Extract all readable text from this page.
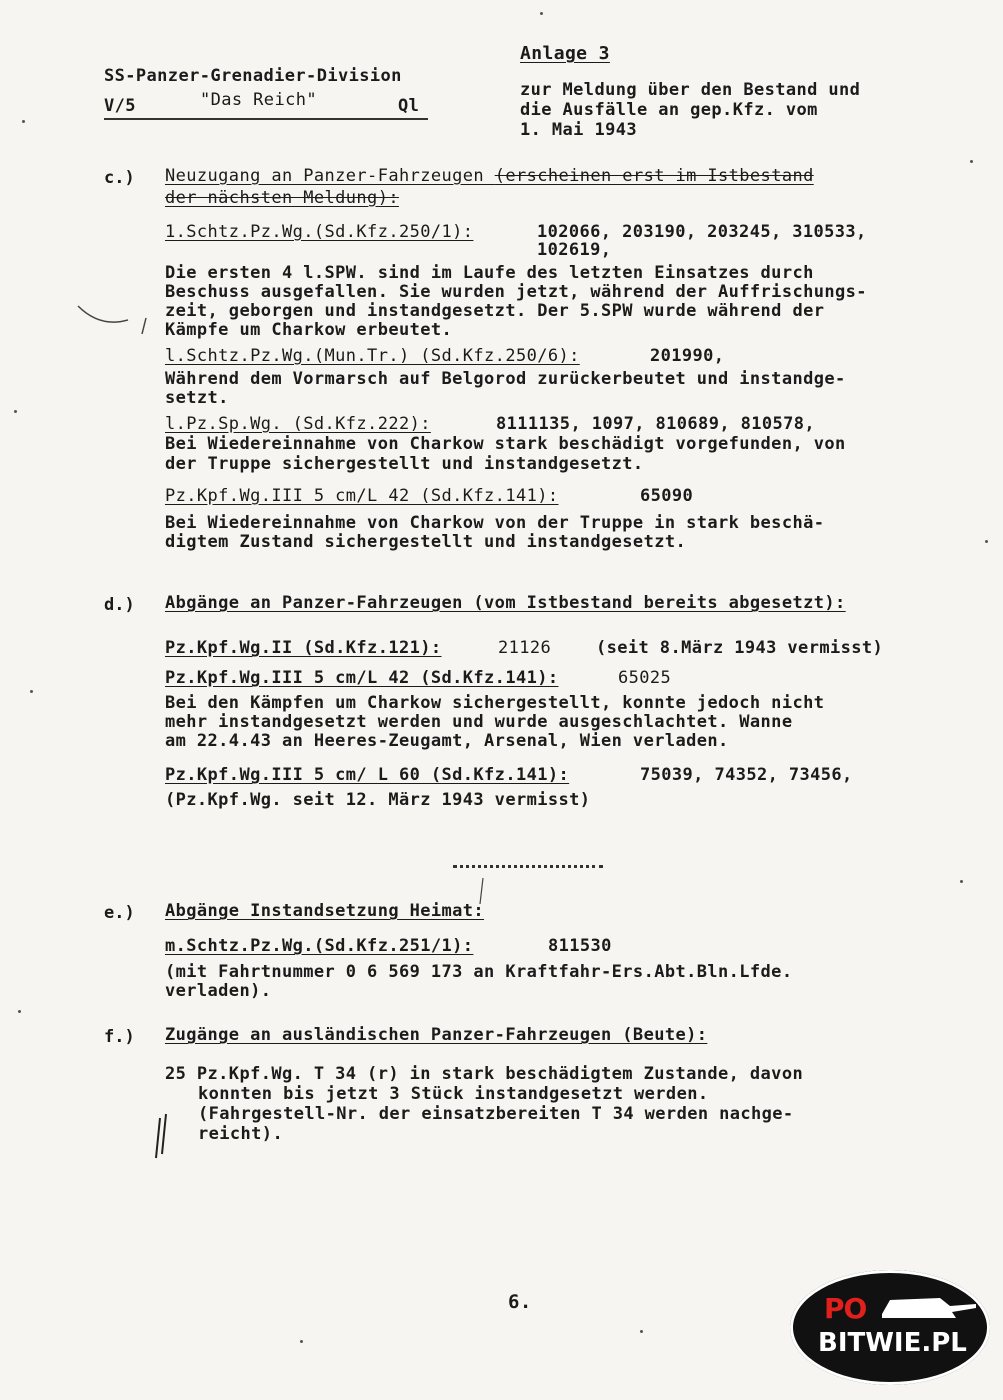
SS-Panzer-Grenadier-Division
V/5	"Das Reich"	Ql
Anlage 3
zur Meldung über den Bestand und
die Ausfälle an gep.Kfz. vom
1. Mai 1943
c.) Neuzugang an Panzer-Fahrzeugen (erscheinen erst im Istbestand
der nächsten Meldung):
1.Schtz.Pz.Wg.(Sd.Kfz.250/1):	102066, 203190, 203245, 310533,
102619,
Die ersten 4 l.SPW. sind im Laufe des letzten Einsatzes durch
Beschuss ausgefallen. Sie wurden jetzt, während der Auffrischungs-
zeit, geborgen und instandgesetzt. Der 5.SPW wurde während der
Kämpfe um Charkow erbeutet.
l.Schtz.Pz.Wg.(Mun.Tr.) (Sd.Kfz.250/6):	201990,
Während dem Vormarsch auf Belgorod zurückerbeutet und instandge-
setzt.
l.Pz.Sp.Wg. (Sd.Kfz.222):	8111135, 1097, 810689, 810578,
Bei Wiedereinnahme von Charkow stark beschädigt vorgefunden, von
der Truppe sichergestellt und instandgesetzt.
Pz.Kpf.Wg.III 5 cm/L 42 (Sd.Kfz.141):	65090
Bei Wiedereinnahme von Charkow von der Truppe in stark beschä-
digtem Zustand sichergestellt und instandgesetzt.
d.) Abgänge an Panzer-Fahrzeugen (vom Istbestand bereits abgesetzt):
Pz.Kpf.Wg.II (Sd.Kfz.121):	21126	(seit 8.März 1943 vermisst)
Pz.Kpf.Wg.III 5 cm/L 42 (Sd.Kfz.141):	65025
Bei den Kämpfen um Charkow sichergestellt, konnte jedoch nicht
mehr instandgesetzt werden und wurde ausgeschlachtet. Wanne
am 22.4.43 an Heeres-Zeugamt, Arsenal, Wien verladen.
Pz.Kpf.Wg.III 5 cm/ L 60 (Sd.Kfz.141):	75039, 74352, 73456,
(Pz.Kpf.Wg. seit 12. März 1943 vermisst)
e.) Abgänge Instandsetzung Heimat:
m.Schtz.Pz.Wg.(Sd.Kfz.251/1):	811530
(mit Fahrtnummer 0 6 569 173 an Kraftfahr-Ers.Abt.Bln.Lfde.
verladen).
f.) Zugänge an ausländischen Panzer-Fahrzeugen (Beute):
25 Pz.Kpf.Wg. T 34 (r) in stark beschädigtem Zustande, davon
konnten bis jetzt 3 Stück instandgesetzt werden.
(Fahrgestell-Nr. der einsatzbereiten T 34 werden nachge-
reicht).
6.	PO
BITWIE.PL
